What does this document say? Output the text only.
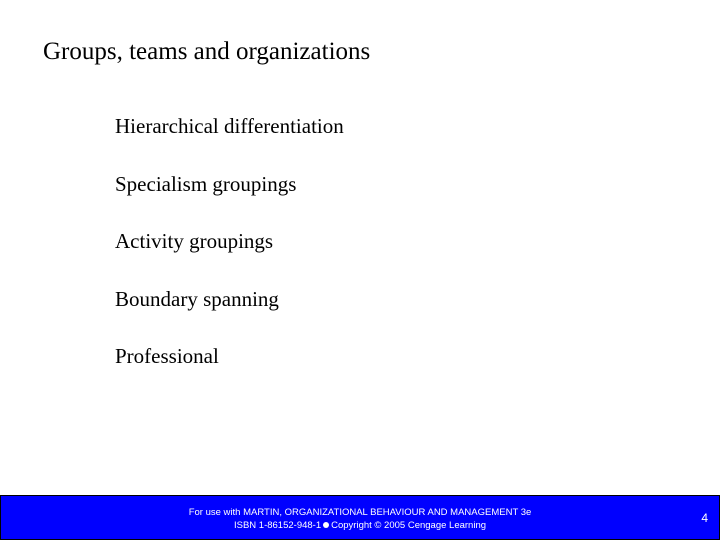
Groups, teams and organizations
Hierarchical differentiation
Specialism groupings
Activity groupings
Boundary spanning
Professional
For use with MARTIN, ORGANIZATIONAL BEHAVIOUR AND MANAGEMENT 3e
ISBN 1-86152-948-1 Copyright © 2005 Cengage Learning	4
